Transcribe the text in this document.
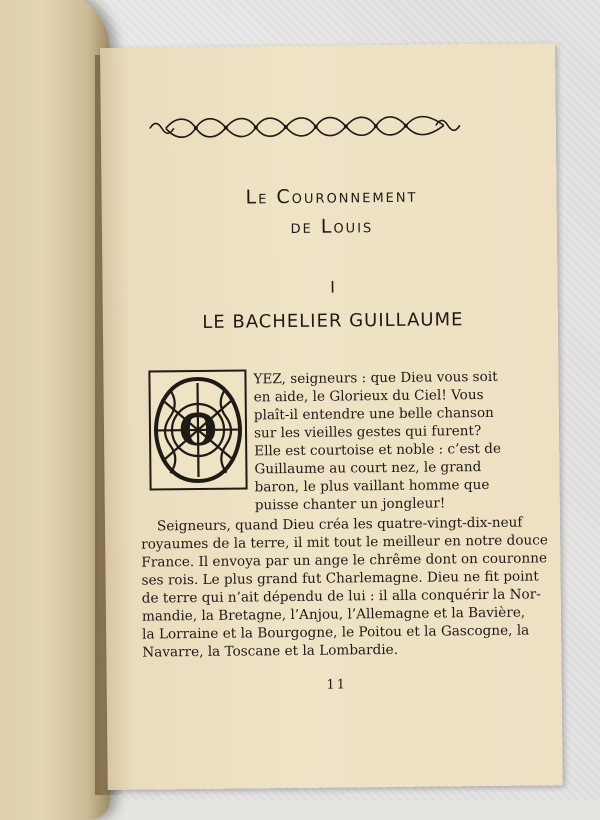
Le Couronnement
de Louis
I
LE BACHELIER GUILLAUME
O
YEZ, seigneurs : que Dieu vous soit
en aide, le Glorieux du Ciel! Vous
plaît-il entendre une belle chanson
sur les vieilles gestes qui furent?
Elle est courtoise et noble : c’est de
Guillaume au court nez, le grand
baron, le plus vaillant homme que
puisse chanter un jongleur!
Seigneurs, quand Dieu créa les quatre-vingt-dix-neuf
royaumes de la terre, il mit tout le meilleur en notre douce
France. Il envoya par un ange le chrême dont on couronne
ses rois. Le plus grand fut Charlemagne. Dieu ne fit point
de terre qui n’ait dépendu de lui : il alla conquérir la Nor-
mandie, la Bretagne, l’Anjou, l’Allemagne et la Bavière,
la Lorraine et la Bourgogne, le Poitou et la Gascogne, la
Navarre, la Toscane et la Lombardie.
11
